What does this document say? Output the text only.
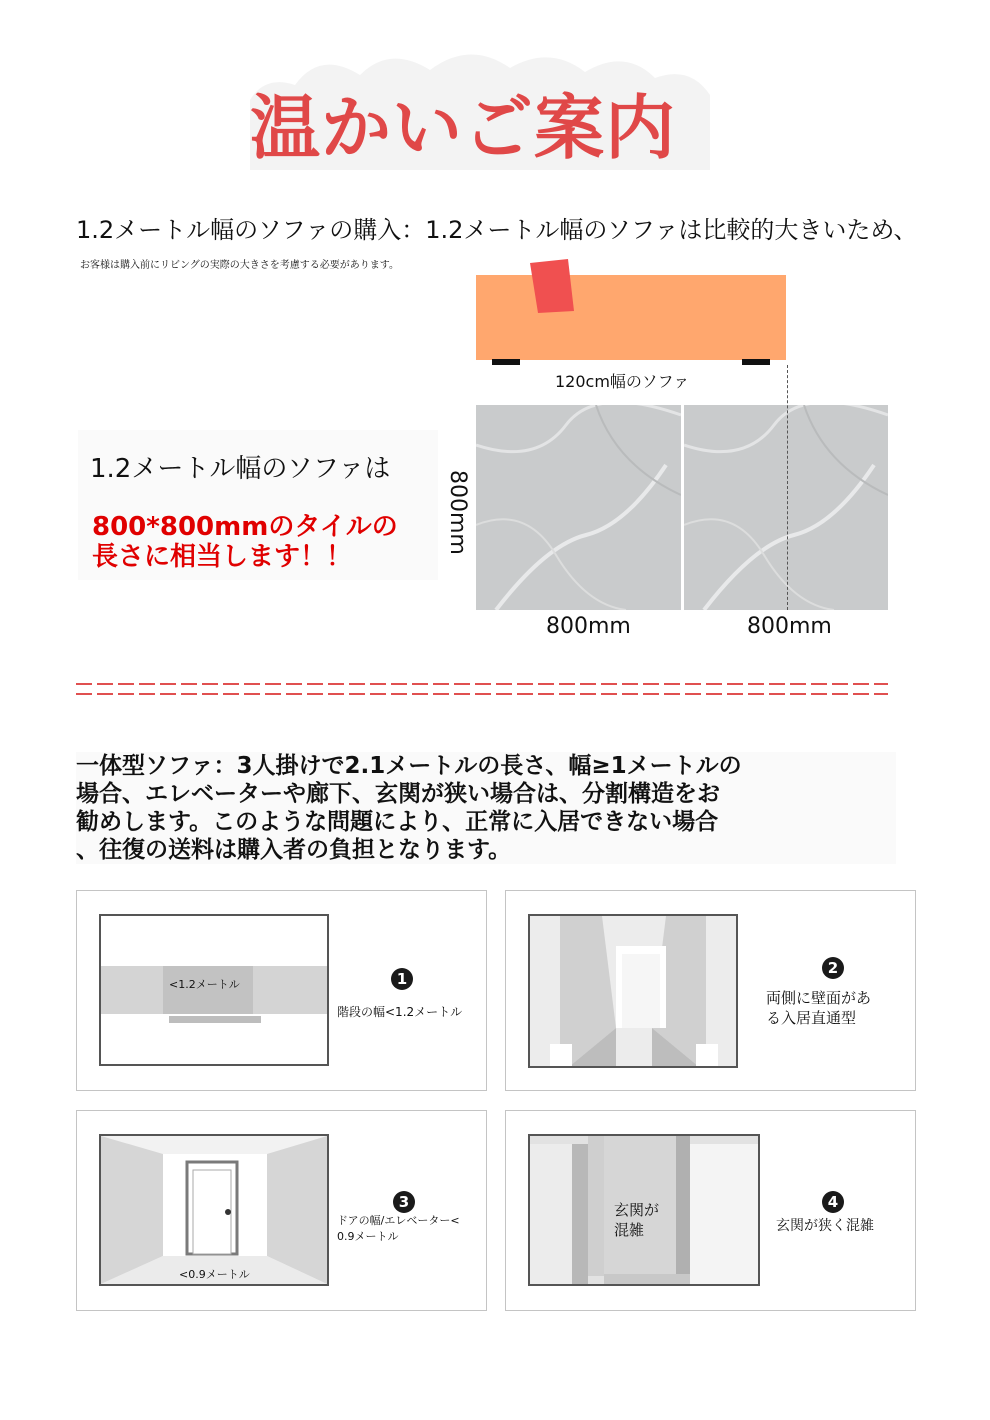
温かいご案内
1.2メートル幅のソファの購入：1.2メートル幅のソファは比較的大きいため、
お客様は購入前にリビングの実際の大きさを考慮する必要があります。
120cm幅のソファ
800mm
800mm	800mm
1.2メートル幅のソファは
800*800mmのタイルの
長さに相当します！！
一体型ソファ：3人掛けで2.1メートルの長さ、幅≥1メートルの
場合、エレベーターや廊下、玄関が狭い場合は、分割構造をお
勧めします。このような問題により、正常に入居できない場合
、往復の送料は購入者の負担となります。
<1.2メートル	1
階段の幅<1.2メートル
2
両側に壁面があ
る入居直通型
<0.9メートル
3
ドアの幅/エレベーター<
0.9メートル
玄関が
混雑
4
玄関が狭く混雑
